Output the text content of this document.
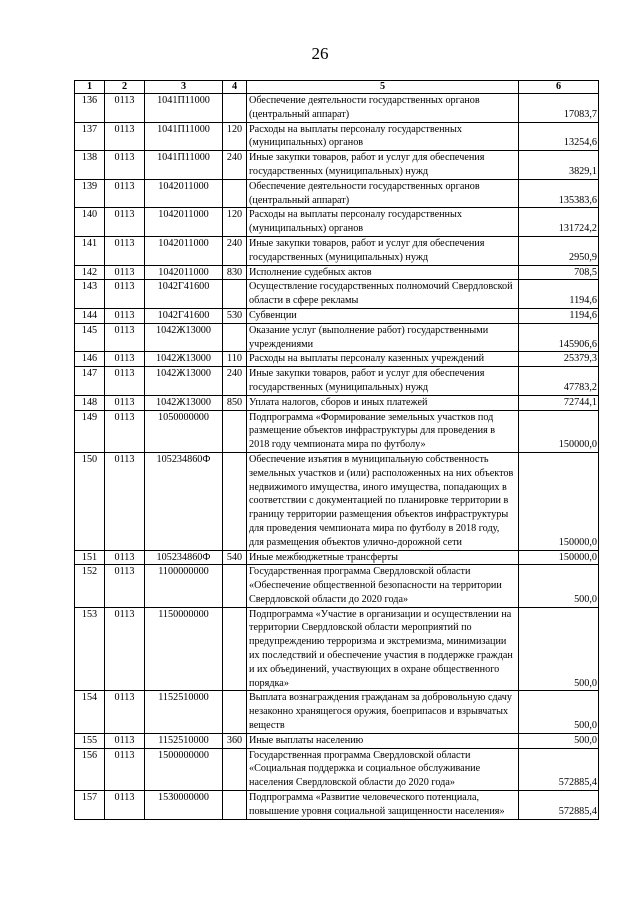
26
1	2	3	4	5	6
136	0113	1041П11000		Обеспечение деятельности государственных органов (центральный аппарат)	17083,7
137	0113	1041П11000	120	Расходы на выплаты персоналу государственных (муниципальных) органов	13254,6
138	0113	1041П11000	240	Иные закупки товаров, работ и услуг для обеспечения государственных (муниципальных) нужд	3829,1
139	0113	1042011000		Обеспечение деятельности государственных органов (центральный аппарат)	135383,6
140	0113	1042011000	120	Расходы на выплаты персоналу государственных (муниципальных) органов	131724,2
141	0113	1042011000	240	Иные закупки товаров, работ и услуг для обеспечения государственных (муниципальных) нужд	2950,9
142	0113	1042011000	830	Исполнение судебных актов	708,5
143	0113	1042Г41600		Осуществление государственных полномочий Свердловской области в сфере рекламы	1194,6
144	0113	1042Г41600	530	Субвенции	1194,6
145	0113	1042Ж13000		Оказание услуг (выполнение работ) государственными учреждениями	145906,6
146	0113	1042Ж13000	110	Расходы на выплаты персоналу казенных учреждений	25379,3
147	0113	1042Ж13000	240	Иные закупки товаров, работ и услуг для обеспечения государственных (муниципальных) нужд	47783,2
148	0113	1042Ж13000	850	Уплата налогов, сборов и иных платежей	72744,1
149	0113	1050000000		Подпрограмма «Формирование земельных участков под размещение объектов инфраструктуры для проведения в 2018 году чемпионата мира по футболу»	150000,0
150	0113	105234860Ф		Обеспечение изъятия в муниципальную собственность земельных участков и (или) расположенных на них объектов недвижимого имущества, иного имущества, попадающих в соответствии с документацией по планировке территории в границу территории размещения объектов инфраструктуры для проведения чемпионата мира по футболу в 2018 году, для размещения объектов улично-дорожной сети	150000,0
151	0113	105234860Ф	540	Иные межбюджетные трансферты	150000,0
152	0113	1100000000		Государственная программа Свердловской области «Обеспечение общественной безопасности на территории Свердловской области до 2020 года»	500,0
153	0113	1150000000		Подпрограмма «Участие в организации и осуществлении на территории Свердловской области мероприятий по предупреждению терроризма и экстремизма, минимизации их последствий и обеспечение участия в поддержке граждан и их объединений, участвующих в охране общественного порядка»	500,0
154	0113	1152510000		Выплата вознаграждения гражданам за добровольную сдачу незаконно хранящегося оружия, боеприпасов и взрывчатых веществ	500,0
155	0113	1152510000	360	Иные выплаты населению	500,0
156	0113	1500000000		Государственная программа Свердловской области «Социальная поддержка и социальное обслуживание населения Свердловской области до 2020 года»	572885,4
157	0113	1530000000		Подпрограмма «Развитие человеческого потенциала, повышение уровня социальной защищенности населения»	572885,4
